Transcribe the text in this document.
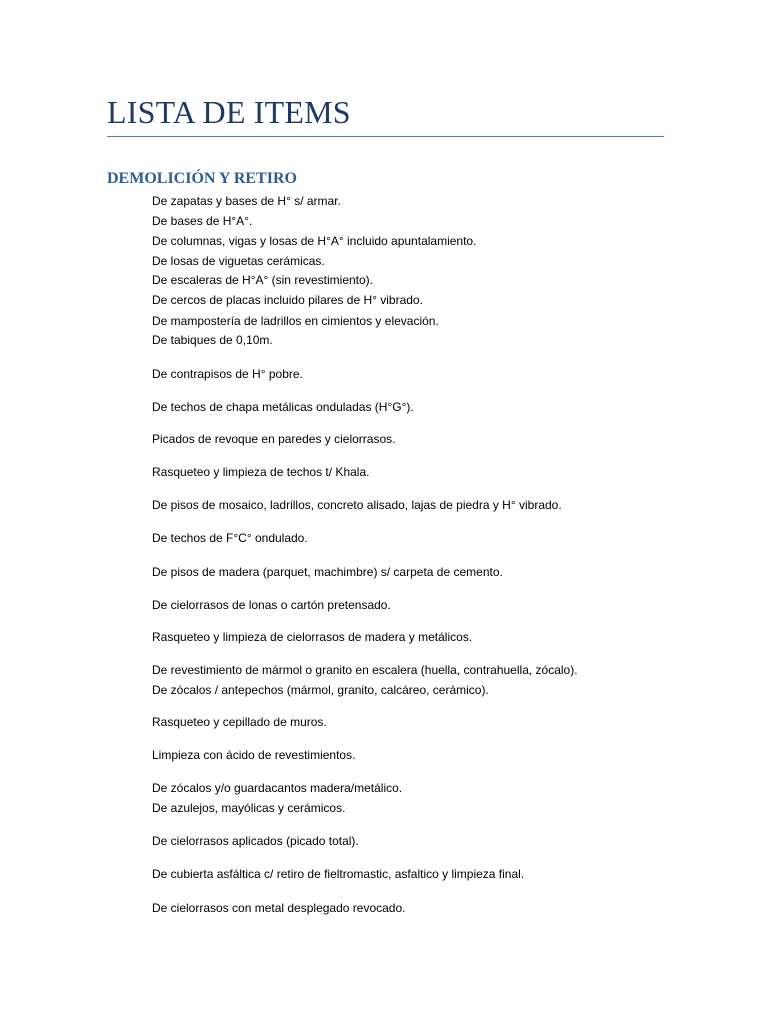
LISTA DE ITEMS
DEMOLICIÓN Y RETIRO
De zapatas y bases de H° s/ armar.
De bases de H°A°.
De columnas, vigas y losas de H°A° incluido apuntalamiento.
De losas de viguetas cerámicas.
De escaleras de H°A° (sin revestimiento).
De cercos de placas incluido pilares de H° vibrado.
De mampostería de ladrillos en cimientos y elevación.
De tabiques de 0,10m.
De contrapisos de H° pobre.
De techos de chapa metálicas onduladas (H°G°).
Picados de revoque en paredes y cielorrasos.
Rasqueteo y limpieza de techos t/ Khala.
De pisos de mosaico, ladrillos, concreto alisado, lajas de piedra y H° vibrado.
De techos de F°C° ondulado.
De pisos de madera (parquet, machimbre) s/ carpeta de cemento.
De cielorrasos de lonas o cartón pretensado.
Rasqueteo y limpieza de cielorrasos de madera y metálicos.
De revestimiento de mármol o granito en escalera (huella, contrahuella, zócalo).
De zócalos / antepechos (mármol, granito, calcáreo, cerámico).
Rasqueteo y cepillado de muros.
Limpieza con ácido de revestimientos.
De zócalos y/o guardacantos madera/metálico.
De azulejos, mayólicas y cerámicos.
De cielorrasos aplicados (picado total).
De cubierta asfáltica c/ retiro de fieltromastic, asfaltico y limpieza final.
De cielorrasos con metal desplegado revocado.
